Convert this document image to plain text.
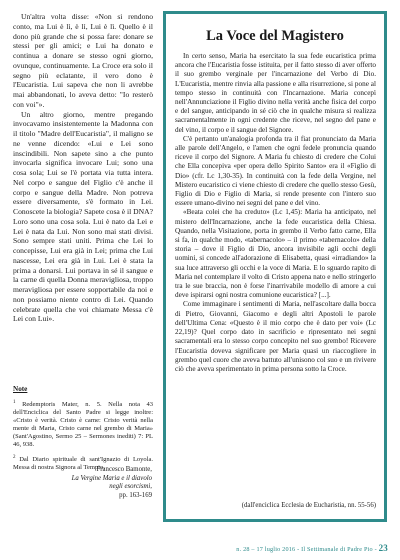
Un'altra volta disse: «Non si rendono conto, ma Lui è lì, è lì, Lui è lì. Quello è il dono più grande che si possa fare: donare se stessi per gli amici; e Lui ha donato e continua a donare se stesso ogni giorno, ovunque, continuamente. La Croce era solo il segno più eclatante, il vero dono è l'Eucaristia. Lui sapeva che non li avrebbe mai abbandonati, lo aveva detto: "Io resterò con voi"».

Un altro giorno, mentre pregando invocavamo insistentemente la Madonna con il titolo "Madre dell'Eucaristia", il maligno se ne venne dicendo: «Lui e Lei sono inscindibili. Non sapete sino a che punto invocarla significa invocare Lui; sono una cosa sola; Lui se l'è portata via tutta intera. Nel corpo e sangue del Figlio c'è anche il corpo e sangue della Madre. Non potreva essere diversamente, s'è formato in Lei. Conoscete la biologia? Sapete cosa è il DNA? Loro sono una cosa sola. Lui è nato da Lei e Lei è nata da Lui. Non sono mai stati divisi. Sono sempre stati uniti. Prima che Lei lo concepisse, Lui era già in Lei; prima che Lui nascesse, Lei era già in Lui. Lei è stata la prima a donarsi. Lui portava in sé il sangue e la carne di quella Donna meravigliosa, troppo meravigliosa per essere sopportabile da noi e non possiamo niente contro di Lei. Quando celebrate quella che voi chiamate Messa c'è Lei con Lui».

Note

$^1$ Redemptoris Mater, n. 5. Nella nota 43 dell'Enciclica del Santo Padre si legge inoltre: «Cristo è verità. Cristo è carne: Cristo verità nella mente di Maria, Cristo carne nel grembo di Maria» (Sant'Agostino, Sermo 25 – Sermones inediti) 7: PL 46, 938.

$^2$ Dal Diario spirituale di sant'Ignazio di Loyola. Messa di nostra Signora al Tempio.

Francesco Bamonte,
La Vergine Maria e il diavolo
negli esorcismi,
pp. 163-169
La Voce del Magistero

In certo senso, Maria ha esercitato la sua fede eucaristica prima ancora che l'Eucaristia fosse istituita, per il fatto stesso di aver offerto il suo grembo verginale per l'incarnazione del Verbo di Dio. L'Eucaristia, mentre rinvia alla passione e alla risurrezione, si pone al tempo stesso in continuità con l'Incarnazione. Maria concepì nell'Annunciazione il Figlio divino nella verità anche fisica del corpo e del sangue, anticipando in sé ciò che in qualche misura si realizza sacramentalmente in ogni credente che riceve, nel segno del pane e del vino, il corpo e il sangue del Signore.

C'è pertanto un'analogia profonda tra il fiat pronunciato da Maria alle parole dell'Angelo, e l'amen che ogni fedele pronuncia quando riceve il corpo del Signore. A Maria fu chiesto di credere che Colui che Ella concepiva «per opera dello Spirito Santo» era il «Figlio di Dio» (cfr. Lc 1,30-35). In continuità con la fede della Vergine, nel Mistero eucaristico ci viene chiesto di credere che quello stesso Gesù, Figlio di Dio e Figlio di Maria, si rende presente con l'intero suo essere umano-divino nei segni del pane e del vino.

«Beata colei che ha creduto» (Lc 1,45): Maria ha anticipato, nel mistero dell'Incarnazione, anche la fede eucaristica della Chiesa. Quando, nella Visitazione, porta in grembo il Verbo fatto carne, Ella si fa, in qualche modo, «tabernacolo» – il primo «tabernacolo» della storia – dove il Figlio di Dio, ancora invisibile agli occhi degli uomini, si concede all'adorazione di Elisabetta, quasi «irradiando» la sua luce attraverso gli occhi e la voce di Maria. E lo sguardo rapito di Maria nel contemplare il volto di Cristo appena nato e nello stringerlo tra le sue braccia, non è forse l'inarrivabile modello di amore a cui deve ispirarsi ogni nostra comunione eucaristica? [...].

Come immaginare i sentimenti di Maria, nell'ascoltare dalla bocca di Pietro, Giovanni, Giacomo e degli altri Apostoli le parole dell'Ultima Cena: «Questo è il mio corpo che è dato per voi» (Lc 22,19)? Quel corpo dato in sacrificio e ripresentato nei segni sacramentali era lo stesso corpo concepito nel suo grembo! Ricevere l'Eucaristia doveva significare per Maria quasi un riaccogliere in grembo quel cuore che aveva battuto all'unisono col suo e un rivivere ciò che aveva sperimentato in prima persona sotto la Croce.

(dall'enciclica Ecclesia de Eucharistia, nn. 55-56)
n. 28 – 17 luglio 2016 - Il Settimanale di Padre Pio - 23
